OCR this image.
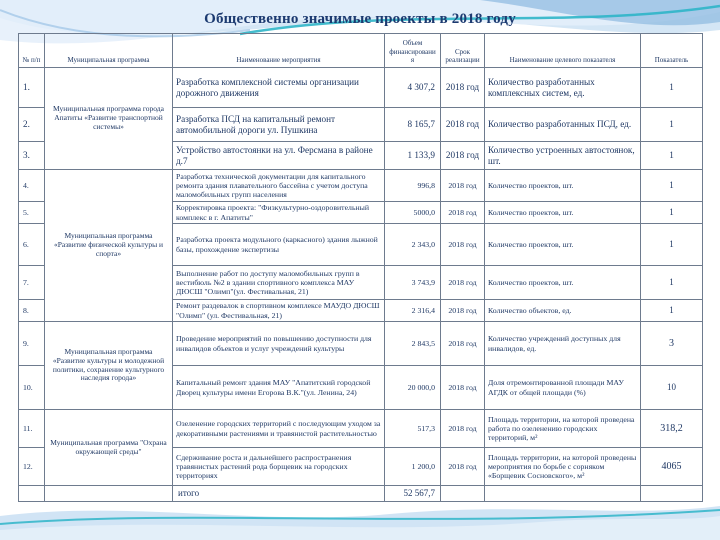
Общественно значимые проекты в 2018 году
№ п/п	Муниципальная программа	Наименование мероприятия	Объем финансирования	Срок реализации	Наименование целевого показателя	Показатель
1.	Муниципальная программа города Апатиты «Развитие транспортной системы»	Разработка комплексной системы организации дорожного движения	4 307,2	2018 год	Количество разработанных комплексных систем, ед.	1
2.		Разработка ПСД на капитальный ремонт автомобильной дороги ул. Пушкина	8 165,7	2018 год	Количество разработанных ПСД, ед.	1
3.		Устройство автостоянки на ул. Ферсмана в районе д.7	1 133,9	2018 год	Количество устроенных автостоянок, шт.	1
4.	Муниципальная программа «Развитие физической культуры и спорта»	Разработка технической документации для капитального ремонта здания плавательного бассейна с учетом доступа маломобильных групп населения	996,8	2018 год	Количество проектов, шт.	1
5.		Корректировка проекта: "Физкультурно-оздоровительный комплекс в г. Апатиты"	5000,0	2018 год	Количество проектов, шт.	1
6.		Разработка проекта модульного (каркасного) здания лыжной базы, прохождение экспертизы	2 343,0	2018 год	Количество проектов, шт.	1
7.		Выполнение работ по доступу маломобильных групп в вестибюль №2 в здании спортивного комплекса МАУ ДЮСШ "Олимп"(ул. Фестивальная, 21)	3 743,9	2018 год	Количество проектов, шт.	1
8.		Ремонт раздевалок в спортивном комплексе МАУДО ДЮСШ "Олимп" (ул. Фестивальная, 21)	2 316,4	2018 год	Количество объектов, ед.	1
9.	Муниципальная программа «Развитие культуры и молодежной политики, сохранение культурного наследия города»	Проведение мероприятий по повышению доступности для инвалидов объектов и услуг учреждений культуры	2 843,5	2018 год	Количество учреждений доступных для инвалидов, ед.	3
10.		Капитальный ремонт здания МАУ "Апатитский городской Дворец культуры имени Егорова В.К."(ул. Ленина, 24)	20 000,0	2018 год	Доля отремонтированной площади МАУ АГДК от общей площади (%)	10
11.	Муниципальная программа "Охрана окружающей среды"	Озеленение городских территорий с последующим уходом за декоративными растениями и травянистой растительностью	517,3	2018 год	Площадь территории, на которой проведена работа по озеленению городских территорий, м²	318,2
12.		Сдерживание роста и дальнейшего распространения травянистых растений рода борщевик на городских территориях	1 200,0	2018 год	Площадь территории, на которой проведены мероприятия по борьбе с сорняком «Борщевик Сосновского», м²	4065
		итого	52 567,7			
